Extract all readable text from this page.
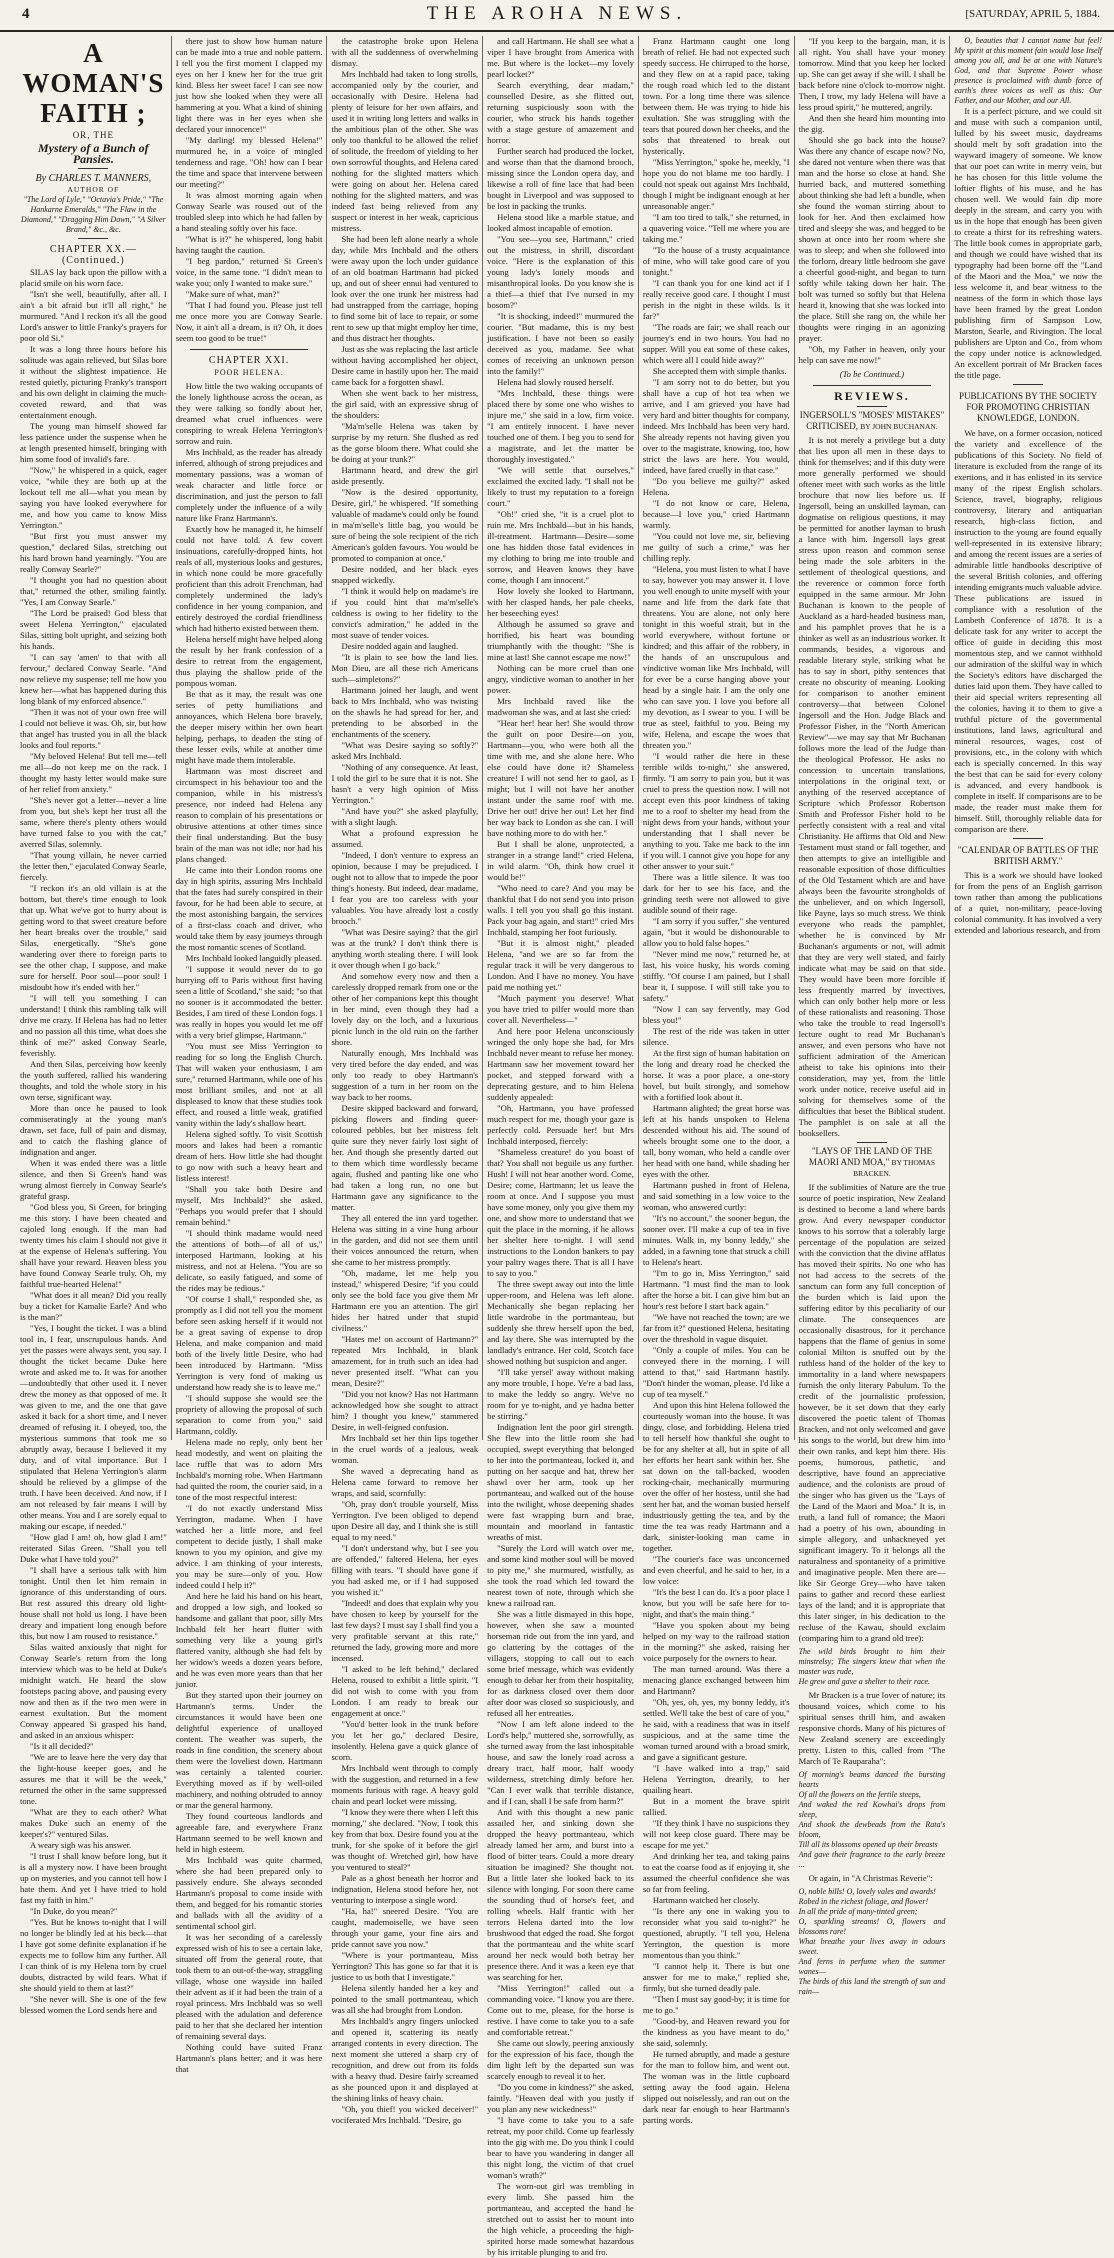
4	THE AROHA NEWS.	[SATURDAY, APRIL 5, 1884.
A WOMAN'S FAITH ;
OR, THE
Mystery of a Bunch of Pansies.
By CHARLES T. MANNERS,
AUTHOR OF
"The Lord of Lyle," "Octavia's Pride," "The Hankarne Emeralds," "The Flaw in the Diamond," "Dragging Him Down," "A Silver Brand," &c., &c.
CHAPTER XX.—(Continued.)

SILAS lay back upon the pillow with a placid smile on his worn face.

"Isn't she well, beautifully, after all. I ain't a bit afraid but it'll all right," he murmured. "And I reckon it's all the good Lord's answer to little Franky's prayers for poor old Si."

It was a long three hours before his solitude was again relieved, but Silas bore it without the slightest impatience. He rested quietly, picturing Franky's transport and his own delight in claiming the much-coveted reward, and that was entertainment enough.

The young man himself showed far less patience under the suspense when he at length presented himself, bringing with him some food of invalid's fare.

"Now," he whispered in a quick, eager voice, "while they are both up at the lockout tell me all—what you mean by saying you have looked everywhere for me, and how you came to know Miss Yerrington."

"But first you must answer my question," declared Silas, stretching out his hard brown hand yearningly. "You are really Conway Searle?"

"I thought you had no question about that," returned the other, smiling faintly. "Yes, I am Conway Searle."

"The Lord be praised! God bless that sweet Helena Yerrington," ejaculated Silas, sitting bolt upright, and seizing both his hands.

"I can say 'amen' to that with all fervour," declared Conway Searle. "And now relieve my suspense; tell me how you knew her—what has happened during this long blank of my enforced absence."

"Then it was not of your own free will I could not believe it was. Oh, sir, but how that angel has trusted you in all the black looks and foul reports."

"My beloved Helena! But tell me—tell me all—do not keep me on the rack. I thought my hasty letter would make sure of her relief from anxiety."

"She's never got a letter—never a line from you, but she's kept her trust all the same, where there's plenty others would have turned false to you with the cat," averred Silas, solemnly.

"That young villain, he never carried the letter then," ejaculated Conway Searle, fiercely.

"I reckon it's an old villain is at the bottom, but there's time enough to look that up. What we've got to hurry about is getting word to that sweet creature before her heart breaks over the trouble," said Silas, energetically. "She's gone wandering over there to foreign parts to see the other chap, I suppose, and make sure for herself. Poor soul—poor soul! I misdoubt how it's ended with her."

"I will tell you something I can understand! I think this rambling talk will drive me crazy. If Helena has had no letter and no passion all this time, what does she think of me?" asked Conway Searle, feverishly.

And then Silas, perceiving how keenly the youth suffered, rallied his wandering thoughts, and told the whole story in his own terse, significant way.

More than once he paused to look commiseratingly at the young man's drawn, set face, full of pain and dismay, and to catch the flashing glance of indignation and anger.

When it was ended there was a little silence, and then Si Green's hand was wrung almost fiercely in Conway Searle's grateful grasp.

"God bless you, Si Green, for bringing me this story. I have been cheated and cajoled long enough. If the man had twenty times his claim I should not give it at the expense of Helena's suffering. You shall have your reward. Heaven bless you have found Conway Searle truly. Oh, my faithful true-hearted Helena!"

"What does it all mean? Did you really buy a ticket for Kamalie Earle? And who is the man?"

"Yes, I bought the ticket. I was a blind tool in, I fear, unscrupulous hands. And yet the passes were always sent, you say. I thought the ticket became Duke here wrote and asked me to. It was for another—undoubtedly that other used it. I never drew the money as that opposed of me. It was given to me, and the one that gave asked it back for a short time, and I never dreamed of refusing it. I obeyed, too, the mysterious summons that took me so abruptly away, because I believed it my duty, and of vital importance. But I stipulated that Helena Yerrington's alarm should be relieved by a glimpse of the truth. I have been deceived. And now, if I am not released by fair means I will by other means. You and I are sorely equal to making our escape, if needed."

"How glad I am! oh, how glad I am!" reiterated Silas Green. "Shall you tell Duke what I have told you?"

"I shall have a serious talk with him tonight. Until then let him remain in ignorance of this understanding of ours. But rest assured this dreary old light-house shall not hold us long. I have been dreary and impatient long enough before this, but now I am roused to resistance."

Silas waited anxiously that night for Conway Searle's return from the long interview which was to be held at Duke's midnight watch. He heard the slow footsteps pacing above, and pausing every now and then as if the two men were in earnest exultation. But the moment Conway appeared Si grasped his hand, and asked in an anxious whisper:

"Is it all decided?"

"We are to leave here the very day that the light-house keeper goes, and he assures me that it will be the week," returned the other in the same suppressed tone.

"What are they to each other? What makes Duke such an enemy of the keeper's?" ventured Silas.

A weary sigh was his answer.

"I trust I shall know before long, but it is all a mystery now. I have been brought up on mysteries, and you cannot tell how I hate them. And yet I have tried to hold fast my faith in him."

"In Duke, do you mean?"

"Yes. But he knows to-night that I will no longer be blindly led at his beck—that I have got some definite explanation if he expects me to follow him any further. All I can think of is my Helena torn by cruel doubts, distracted by wild fears. What if she should yield to them at last?"

"She never will. She is one of the few blessed women the Lord sends here and

there just to show how human nature can be made into a true and noble pattern. I tell you the first moment I clapped my eyes on her I knew her for the true grit kind. Bless her sweet face! I can see now just how she looked when they were all hammering at you. What a kind of shining light there was in her eyes when she declared your innocence!"

"My darling! my blessed Helena!" murmured he, in a voice of mingled tenderness and rage. "Oh! how can I bear the time and space that intervene between our meeting?"

It was almost morning again when Conway Searle was roused out of the troubled sleep into which he had fallen by a hand stealing softly over his face.

"What is it?" he whispered, long habit having taught the caution.

"I beg pardon," returned Si Green's voice, in the same tone. "I didn't mean to wake you; only I wanted to make sure."

"Make sure of what, man?"

"That I had found you. Please just tell me once more you are Conway Searle. Now, it ain't all a dream, is it? Oh, it does seem too good to be true!"

CHAPTER XXI.
POOR HELENA.

How little the two waking occupants of the lonely lighthouse across the ocean, as they were talking so fondly about her, dreamed what cruel influences were conspiring to wreak Helena Yerrington's sorrow and ruin.

Mrs Inchbald, as the reader has already inferred, although of strong prejudices and momentary passions, was a woman of weak character and little force or discrimination, and just the person to fall completely under the influence of a wily nature like Franz Hartmann's.

Exactly how he managed it, he himself could not have told. A few covert insinuations, carefully-dropped hints, hot reals of all, mysterious looks and gestures, in which none could be more gracefully proficient than this adroit Frenchman, had completely undermined the lady's confidence in her young companion, and entirely destroyed the cordial friendliness which had hitherto existed between them.

Helena herself might have helped along the result by her frank confession of a desire to retreat from the engagement, thus playing the shallow pride of the pompous woman.

Be that as it may, the result was one series of petty humiliations and annoyances, which Helena bore bravely, the deeper misery within her own heart helping, perhaps, to deaden the sting of these lesser evils, while at another time might have made them intolerable.

Hartmann was most discreet and circumspect in his behaviour too and the companion, while in his mistress's presence, nor indeed had Helena any reason to complain of his presentations or obtrusive attentions at other times since their final understanding. But the busy brain of the man was not idle; nor had his plans changed.

He came into their London rooms one day in high spirits, assuring Mrs Inchbald that the fates had surely conspired in their favour, for he had been able to secure, at the most astonishing bargain, the services of a first-class coach and driver, who would take them by easy journeys through the most romantic scenes of Scotland.

Mrs Inchbald looked languidly pleased.

"I suppose it would never do to go hurrying off to Paris without first having seen a little of Scotland," she said; "so that no sooner is it accommodated the better. Besides, I am tired of these London fogs. I was really in hopes you would let me off with a very brief glimpse, Hartmann."

"You must see Miss Yerrington to reading for so long the English Church. That will waken your enthusiasm, I am sure," returned Hartmann, while one of his most brilliant smiles, and not at all displeased to know that these studies took effect, and roused a little weak, gratified vanity within the lady's shallow heart.

Helena sighed softly. To visit Scottish moors and lakes had been a romantic dream of hers. How little she had thought to go now with such a heavy heart and listless interest!

"Shall you take both Desire and myself, Mrs Inchbald?" she asked. "Perhaps you would prefer that I should remain behind."

"I should think madame would need the attentions of both—of all of us," interposed Hartmann, looking at his mistress, and not at Helena. "You are so delicate, so easily fatigued, and some of the rides may be tedious."

"Of course I shall," responded she, as promptly as I did not tell you the moment before seen asking herself if it would not be a great saving of expense to drop Helena, and make companion and maid both of the lively little Desire, who had been introduced by Hartmann. "Miss Yerrington is very fond of making us understand how ready she is to leave me."

"I should suppose she would see the propriety of allowing the proposal of such separation to come from you," said Hartmann, coldly.

Helena made no reply, only bent her head modestly, and went on plaiting the lace ruffle that was to adorn Mrs Inchbald's morning robe. When Hartmann had quitted the room, the courier said, in a tone of the most respectful interest:

"I do not exactly understand Miss Yerrington, madame. When I have watched her a little more, and feel competent to decide justly, I shall make known to you my opinion, and give my advice. I am thinking of your interests, you may be sure—only of you. How indeed could I help it?"

And here he laid his hand on his heart, and dropped a low sigh, and looked so handsome and gallant that poor, silly Mrs Inchbald felt her heart flutter with something very like a young girl's flattered vanity, although she had felt by her widow's weeds a dozen years before, and he was even more years than that her junior.

But they started upon their journey on Hartmann's terms. Under the circumstances it would have been one delightful experience of unalloyed content. The weather was superb, the roads in fine condition, the scenery about them were the loveliest down. Hartmann was certainly a talented courier. Everything moved as if by well-oiled machinery, and nothing obtruded to annoy or mar the general harmony.

They found courteous landlords and agreeable fare, and everywhere Franz Hartmann seemed to be well known and held in high esteem.

Mrs Inchbald was quite charmed, where she had been prepared only to passively endure. She always seconded Hartmann's proposal to come inside with them, and begged for his romantic stories and ballads with all the avidity of a sentimental school girl.

It was her seconding of a carelessly expressed wish of his to see a certain lake, situated off from the general route, that took them to an out-of-the-way, straggling village, whose one wayside inn hailed their advent as if it had been the train of a royal princess. Mrs Inchbald was so well pleased with the adulation and deference paid to her that she declared her intention of remaining several days.

Nothing could have suited Franz Hartmann's plans better; and it was here that

the catastrophe broke upon Helena with all the suddenness of overwhelming dismay.

Mrs Inchbald had taken to long strolls, accompanied only by the courier, and occasionally with Desire. Helena had plenty of leisure for her own affairs, and used it in writing long letters and walks in the ambitious plan of the other. She was only too thankful to be allowed the relief of solitude, the freedom of yielding to her own sorrowful thoughts, and Helena cared nothing for the slighted matters which were going on about her. Helena cared nothing for the slighted matters, and was indeed fast being relieved from any suspect or interest in her weak, capricious mistress.

She had been left alone nearly a whole day, while Mrs Inchbald and the others were away upon the loch under guidance of an old boatman Hartmann had picked up, and out of sheer ennui had ventured to look over the one trunk her mistress had had unstrapped from the carriage, hoping to find some bit of lace to repair, or some rent to sew up that might employ her time, and thus distract her thoughts.

Just as she was replacing the last article without having accomplished her object, Desire came in hastily upon her. The maid came back for a forgotten shawl.

When she went back to her mistress, the girl said, with an expressive shrug of the shoulders:

"Ma'm'selle Helena was taken by surprise by my return. She flushed as red as the gorse bloom there. What could she be doing at your trunk?"

Hartmann heard, and drew the girl aside presently.

"Now is the desired opportunity, Desire, girl," he whispered. "If something valuable of madame's could only be found in ma'm'selle's little bag, you would be sure of being the sole recipient of the rich American's golden favours. You would be promoted to companion at once."

Desire nodded, and her black eyes snapped wickedly.

"I think it would help on madame's ire if you could hint that ma'm'selle's coldness is owing to her fidelity to the convict's admiration," he added in the most suave of tender voices.

Desire nodded again and laughed.

"It is plain to see how the land lies. Mon Dieu, are all these rich Americans such—simpletons?"

Hartmann joined her laugh, and went back to Mrs Inchbald, who was twisting on the shawls he had spread for her, and pretending to be absorbed in the enchantments of the scenery.

"What was Desire saying so softly?" asked Mrs Inchbald.

"Nothing of any consequence. At least, I told the girl to be sure that it is not. She hasn't a very high opinion of Miss Yerrington."

"And have you?" she asked playfully, with a slight laugh.

What a profound expression he assumed.

"Indeed, I don't venture to express an opinion, because I may be prejudiced. I ought not to allow that to impede the poor thing's honesty. But indeed, dear madame, I fear you are too careless with your valuables. You have already lost a costly brooch."

"What was Desire saying? that the girl was at the trunk? I don't think there is anything worth stealing there. I will look it over though when I go back."

And somehow every now and then a carelessly dropped remark from one or the other of her companions kept this thought in her mind, even though they had a lovely day on the loch, and a luxurious picnic lunch in the old ruin on the farther shore.

Naturally enough, Mrs Inchbald was very tired before the day ended, and was only too ready to obey Hartmann's suggestion of a turn in her room on the way back to her rooms.

Desire skipped backward and forward, picking flowers and finding queer-coloured pebbles, but her mistress felt quite sure they never fairly lost sight of her. And though she presently darted out to them which time wordlessly became again, flushed and panting like one who had taken a long run, no one but Hartmann gave any significance to the matter.

They all entered the inn yard together. Helena was sitting in a vine hung arbour in the garden, and did not see them until their voices announced the return, when she came to her mistress promptly.

"Oh, madame, let me help you instead," whispered Desire; "if you could only see the bold face you give them Mr Hartmann ere you an attention. The girl hides her hatred under that stupid civilness."

"Hates me! on account of Hartmann?" repeated Mrs Inchbald, in blank amazement, for in truth such an idea had never presented itself. "What can you mean, Desire?"

"Did you not know? Has not Hartmann acknowledged how she sought to attract him? I thought you knew," stammered Desire, in well-feigned confusion.

Mrs Inchbald set her thin lips together in the cruel words of a jealous, weak woman.

She waved a deprecating hand as Helena came forward to remove her wraps, and said, scornfully:

"Oh, pray don't trouble yourself, Miss Yerrington. I've been obliged to depend upon Desire all day, and I think she is still equal to my need."

"I don't understand why, but I see you are offended," faltered Helena, her eyes filling with tears. "I should have gone if you had asked me, or if I had supposed you wished it."

"Indeed! and does that explain why you have chosen to keep by yourself for the last few days? I must say I shall find you a very profitable servant at this rate," returned the lady, growing more and more incensed.

"I asked to be left behind," declared Helena, roused to exhibit a little spirit. "I did not wish to come with you from London. I am ready to break our engagement at once."

"You'd better look in the trunk before you let her go," declared Desire, insolently. Helena gave a quick glance of scorn.

Mrs Inchbald went through to comply with the suggestion, and returned in a few moments furious with rage. A heavy gold chain and pearl locket were missing.

"I know they were there when I left this morning," she declared. "Now, I took this key from that box. Desire found you at the trunk, for she spoke of it before the girl was thought of. Wretched girl, how have you ventured to steal?"

Pale as a ghost beneath her horror and indignation, Helena stood before her, not venturing to interpose a single word.

"Ha, ha!" sneered Desire. "You are caught, mademoiselle, we have seen through your game, your fine airs and pride cannot save you now."

"Where is your portmanteau, Miss Yerrington? This has gone so far that it is justice to us both that I investigate."

Helena silently handed her a key and pointed to the small portmanteau, which was all she had brought from London.

Mrs Inchbald's angry fingers unlocked and opened it, scattering its neatly arranged contents in every direction. The next moment she uttered a sharp cry of recognition, and drew out from its folds with a heavy thud. Desire fairly screamed as she pounced upon it and displayed at the shining links of heavy chain.

"Oh, you thief! you wicked deceiver!" vociferated Mrs Inchbald. "Desire, go

and call Hartmann. He shall see what a viper I have brought from America with me. But where is the locket—my lovely pearl locket?"

Search everything, dear madam," counselled Desire, as she flitted out, returning suspiciously soon with the courier, who struck his hands together with a stage gesture of amazement and horror.

Further search had produced the locket, and worse than that the diamond brooch, missing since the London opera day, and likewise a roll of fine lace that had been bought in Liverpool and was supposed to be lost in packing the trunks.

Helena stood like a marble statue, and looked almost incapable of emotion.

"You see—you see, Hartmann," cried out the mistress, in shrill, discordant voice. "Here is the explanation of this young lady's lonely moods and misanthropical looks. Do you know she is a thief—a thief that I've nursed in my bosom?"

"It is shocking, indeed!" murmured the courier. "But madame, this is my best justification. I have not been so easily deceived as you, madame. See what comes of receiving an unknown person into the family!"

Helena had slowly roused herself.

"Mrs Inchbald, these things were placed there by some one who wishes to injure me," she said in a low, firm voice. "I am entirely innocent. I have never touched one of them. I beg you to send for a magistrate, and let the matter be thoroughly investigated."

"We will settle that ourselves," exclaimed the excited lady. "I shall not be likely to trust my reputation to a foreign court."

"Oh!" cried she, "it is a cruel plot to ruin me. Mrs Inchbald—but in his hands, ill-treatment. Hartmann—Desire—some one has hidden those fatal evidences in my clothing to bring me into trouble and sorrow, and Heaven knows they have come, though I am innocent."

How lovely she looked to Hartmann, with her clasped hands, her pale cheeks, her beseeching eyes!

Although he assumed so grave and horrified, his heart was bounding triumphantly with the thought: "She is mine at last! She cannot escape me now!"

Nothing can be more cruel than one angry, vindictive woman to another in her power.

Mrs Inchbald raved like the madwoman she was, and at last she cried:

"Hear her! hear her! She would throw the guilt on poor Desire—on you, Hartmann—you, who were both all the time with me, and she alone here. Who else could have done it? Shameless creature! I will not send her to gaol, as I might; but I will not have her another instant under the same roof with me. Drive her out! drive her out! Let her find her way back to London as she can. I will have nothing more to do with her."

But I shall be alone, unprotected, a stranger in a strange land!" cried Helena, in wild alarm. "Oh, think how cruel it would be!"

"Who need to care? And you may be thankful that I do not send you into prison walls. I tell you you shall go this instant. Pack your bag again, and start!" cried Mrs Inchbald, stamping her foot furiously.

"But it is almost night," pleaded Helena, "and we are so far from the regular track it will be very dangerous to London. And I have no money. You have paid me nothing yet."

"Much payment you deserve! What you have tried to pilfer would more than cover all. Nevertheless—"

And here poor Helena unconsciously wringed the only hope she had, for Mrs Inchbald never meant to refuse her money. Hartmann saw her movement toward her pocket, and stepped forward with a deprecating gesture, and to him Helena suddenly appealed:

"Oh, Hartmann, you have professed much respect for me, though your gaze is perfectly cold. Persuade her! but Mrs Inchbald interposed, fiercely:

"Shameless creature! do you boast of that? You shall not beguile us any further. Hush! I will not hear another word. Come, Desire; come, Hartmann; let us leave the room at once. And I suppose you must have some money, only you give them my one, and show more to understand that we quit the place in the morning, if he allows her shelter here to-night. I will send instructions to the London bankers to pay your paltry wages there. That is all I have to say to you."

The three swept away out into the little upper-room, and Helena was left alone. Mechanically she began replacing her little wardrobe in the portmanteau, but suddenly she threw herself upon the bed, and lay there. She was interrupted by the landlady's entrance. Her cold, Scotch face showed nothing but suspicion and anger.

"I'll take yersel' away without making any more trouble, I hope. Ye're a bad lass, to make the leddy so angry. We've no room for ye to-night, and ye hadna better be stirring."

Indignation lent the poor girl strength. She flew into the little room she had occupied, swept everything that belonged to her into the portmanteau, locked it, and putting on her sacque and hat, threw her shawl over her arm, took up her portmanteau, and walked out of the house into the twilight, whose deepening shades were fast wrapping burn and brae, mountain and moorland in fantastic wreaths of mist.

"Surely the Lord will watch over me, and some kind mother soul will be moved to pity me," she murmured, wistfully, as she took the road which led toward the nearest town of note, through which she knew a railroad ran.

She was a little dismayed in this hope, however, when she saw a mounted horseman ride out from the inn yard, and go clattering by the cottages of the villagers, stopping to call out to each some brief message, which was evidently enough to debar her from their hospitality, for as darkness closed over them door after door was closed so suspiciously, and refused all her entreaties.

"Now I am left alone indeed to the Lord's help," muttered she, sorrowfully, as she turned away from the last inhospitable house, and saw the lonely road across a dreary tract, half moor, half woody wilderness, stretching dimly before her. "Can I ever walk that terrible distance, and if I can, shall I be safe from harm?"

And with this thought a new panic assailed her, and sinking down she dropped the heavy portmanteau, which already lamed her arm, and burst into a flood of bitter tears. Could a more dreary situation be imagined? She thought not. But a little later she looked back to its silence with longing. For soon there came the sounding thud of horse's feet, and rolling wheels. Half frantic with her terrors Helena darted into the low brushwood that edged the road. She forgot that the portmanteau and the white scarf around her neck would both betray her presence there. And it was a keen eye that was searching for her.

"Miss Yerrington!" called out a commanding voice. "I know you are there. Come out to me, please, for the horse is restive. I have come to take you to a safe and comfortable retreat."

She came out slowly, peering anxiously for the expression of his face, though the dim light left by the departed sun was scarcely enough to reveal it to her.

"Do you come in kindness?" she asked, faintly. "Heaven deal with you justly if you plan any new wickedness!"

"I have come to take you to a safe retreat, my poor child. Come up fearlessly into the gig with me. Do you think I could bear to have you wandering in danger all this night long, the victim of that cruel woman's wrath?"

The worn-out girl was trembling in every limb. She passed him the portmanteau, and accepted the hand he stretched out to assist her to mount into the high vehicle, a proceeding the high-spirited horse made somewhat hazardous by his irritable plunging to and fro.

Franz Hartmann caught one long breath of relief. He had not expected such speedy success. He chirruped to the horse, and they flew on at a rapid pace, taking the rough road which led to the distant town. For a long time there was silence between them. He was trying to hide his exultation. She was struggling with the tears that poured down her cheeks, and the sobs that threatened to break out hysterically.

"Miss Yerrington," spoke he, meekly, "I hope you do not blame me too hardly. I could not speak out against Mrs Inchbald, though I might be indignant enough at her unreasonable anger."

"I am too tired to talk," she returned, in a quavering voice. "Tell me where you are taking me."

"To the house of a trusty acquaintance of mine, who will take good care of you tonight."

"I can thank you for one kind act if I really receive good care. I thought I must perish in the night in these wilds. Is it far?"

"The roads are fair; we shall reach our journey's end in two hours. You had no supper. Will you eat some of these cakes, which were all I could hide away?"

She accepted them with simple thanks.

"I am sorry not to do better, but you shall have a cup of hot tea when we arrive, and I am grieved you have had very hard and bitter thoughts for company, indeed. Mrs Inchbald has been very hard. She already repents not having given you over to the magistrate, knowing, too, how strict the laws are here. You would, indeed, have fared cruelly in that case."

"Do you believe me guilty?" asked Helena.

"I do not know or care, Helena, because—I love you," cried Hartmann warmly.

"You could not love me, sir, believing me guilty of such a crime," was her chilling reply.

"Helena, you must listen to what I have to say, however you may answer it. I love you well enough to unite myself with your name and life from the dark fate that threatens. You are alone, not only here tonight in this woeful strait, but in the world everywhere, without fortune or kindred; and this affair of the robbery, in the hands of an unscrupulous and vindictive woman like Mrs Inchbald, will for ever be a curse hanging above your head by a single hair. I am the only one who can save you. I love you before all my devotion, as I swear to you. I will be true as steel, faithful to you. Being my wife, Helena, and escape the woes that threaten you."

"I would rather die here in these terrible wilds to-night," she answered, firmly. "I am sorry to pain you, but it was cruel to press the question now. I will not accept even this poor kindness of taking me to a roof to shelter my head from the night dews from your hands, without your understanding that I shall never be anything to you. Take me back to the inn if you will. I cannot give you hope for any other answer to your suit."

There was a little silence. It was too dark for her to see his face, and the grinding teeth were not allowed to give audible sound of their rage.

"I am sorry if you suffer," she ventured again, "but it would be dishonourable to allow you to hold false hopes."

"Never mind me now," returned he, at last, his voice husky, his words coming stiffly. "Of course I am pained, but I shall bear it, I suppose. I will still take you to safety."

"Now I can say fervently, may God bless you!"

The rest of the ride was taken in utter silence.

At the first sign of human habitation on the long and dreary road he checked the horse. It was a poor place, a one-story hovel, but built strongly, and somehow with a fortified look about it.

Hartmann alighted; the great horse was left at his hands unspoken to Helena descended without his aid. The sound of wheels brought some one to the door, a tall, bony woman, who held a candle over her head with one hand, while shading her eyes with the other.

Hartmann pushed in front of Helena, and said something in a low voice to the woman, who answered curtly:

"It's no account," the sooner begun, the sooner over. I'll make a cup of tea in five minutes. Walk in, my bonny leddy," she added, in a fawning tone that struck a chill to Helena's heart.

"I'm to go in, Miss Yerrington," said Hartmann. "I must find the man to look after the horse a bit. I can give him but an hour's rest before I start back again."

"We have not reached the town; are we far from it?" questioned Helena, hesitating over the threshold in vague disquiet.

"Only a couple of miles. You can be conveyed there in the morning. I will attend to that," said Hartmann hastily. "Don't hinder the woman, please. I'd like a cup of tea myself."

And upon this hint Helena followed the courteously woman into the house. It was dingy, close, and forbidding. Helena tried to tell herself how thankful she ought to be for any shelter at all, but in spite of all her efforts her heart sank within her. She sat down on the tall-backed, wooden rocking-chair, mechanically murmuring over the offer of her hostess, until she had sent her hat, and the woman busied herself industriously getting the tea, and by the time the tea was ready Hartmann and a dark, sinister-looking man came in together.

"The courier's face was unconcerned and even cheerful, and he said to her, in a low voice:

"It's the best I can do. It's a poor place I know, but you will be safe here for to-night, and that's the main thing."

"Have you spoken about my being helped on my way to the railroad station in the morning?" she asked, raising her voice purposely for the owners to hear.

The man turned around. Was there a menacing glance exchanged between him and Hartmann?

"Oh, yes, oh, yes, my bonny leddy, it's settled. We'll take the best of care of you," he said, with a readiness that was in itself suspicious, and at the same time the woman turned around with a broad smirk, and gave a significant gesture.

"I have walked into a trap," said Helena Yerrington, drearily, to her quailing heart.

But in a moment the brave spirit rallied.

"If they think I have no suspicions they will not keep close guard. There may be escape for me yet."

And drinking her tea, and taking pains to eat the coarse food as if enjoying it, she assumed the cheerful confidence she was so far from feeling.

Hartmann watched her closely.

"Is there any one in waking you to reconsider what you said to-night?" he questioned, abruptly. "I tell you, Helena Yerrington, the question is more momentous than you think."

"I cannot help it. There is but one answer for me to make," replied she, firmly, but she turned deadly pale.

"Then I must say good-by; it is time for me to go."

"Good-by, and Heaven reward you for the kindness as you have meant to do," she said, solemnly.

He turned abruptly, and made a gesture for the man to follow him, and went out. The woman was in the little cupboard setting away the food again. Helena slipped out noiselessly, and ran out on the dark near far enough to hear Hartmann's parting words.

"If you keep to the bargain, man, it is all right. You shall have your money tomorrow. Mind that you keep her locked up. She can get away if she will. I shall be back before nine o'clock to-morrow night. Then, I trow, my lady Helena will have a less proud spirit," he muttered, angrily.

And then she heard him mounting into the gig.

Should she go back into the house? Was there any chance of escape now? No, she dared not venture when there was that man and the horse so close at hand. She hurried back, and muttered something about thinking she had left a bundle, when she found the woman stirring about to look for her. And then exclaimed how tired and sleepy she was, and begged to be shown at once into her room where she was to sleep; and when she followed into the forlorn, dreary little bedroom she gave a cheerful good-night, and began to turn softly while taking down her hair. The bolt was turned so softly but that Helena heard it, knowing that she was locked into the place. Still she rang on, the while her thoughts were ringing in an agonizing prayer.

"Oh, my Father in heaven, only your help can save me now!"

(To be Continued.)
REVIEWS.
INGERSOLL'S "MOSES' MISTAKES" CRITICISED, BY JOHN BUCHANAN.

It is not merely a privilege but a duty that lies upon all men in these days to think for themselves; and if this duty were more generally performed we should oftener meet with such works as the little brochure that now lies before us. If Ingersoll, being an unskilled layman, can dogmatise on religious questions, it may be permitted for another layman to brush a lance with him. Ingersoll lays great stress upon reason and common sense being made the sole arbiters in the settlement of theological questions, and the reverence or common force forth equipped in the same armour. Mr John Buchanan is known to the people of Auckland as a hard-headed business man, and his pamphlet proves that he is a thinker as well as an industrious worker. It commands, besides, a vigorous and readable literary style, striking what he has to say in short, pithy sentences that create no obscurity of meaning. Looking for comparison to another eminent controversy—that between Colonel Ingersoll and the Hon. Judge Black and Professor Fisher, in the "North American Review"—we may say that Mr Buchanan follows more the lead of the Judge than the theological Professor. He asks no concession to uncertain translations, interpolations in the original text, or anything of the reserved acceptance of Scripture which Professor Robertson Smith and Professor Fisher hold to be perfectly consistent with a real and vital Christianity. He affirms that Old and New Testament must stand or fall together, and then attempts to give an intelligible and reasonable exposition of those difficulties of the Old Testament which are and have always been the favourite strongholds of the unbeliever, and on which Ingersoll, like Payne, lays so much stress. We think everyone who reads the pamphlet, whether he is convinced by Mr Buchanan's arguments or not, will admit that they are very well stated, and fairly indicate what may be said on that side. They would have been more forcible if less frequently marred by invectives, which can only bother help more or less of these rationalists and reasoning. Those who take the trouble to read Ingersoll's lecture ought to read Mr Buchanan's answer, and even persons who have not sufficient admiration of the American atheist to take his opinions into their consideration, may yet, from the little work under notice, receive useful aid in solving for themselves some of the difficulties that beset the Biblical student. The pamphlet is on sale at all the booksellers.

"LAYS OF THE LAND OF THE MAORI AND MOA," BY THOMAS BRACKEN.

If the sublimities of Nature are the true source of poetic inspiration, New Zealand is destined to become a land where bards grow. And every newspaper conductor knows to his sorrow that a tolerably large percentage of the population are seized with the conviction that the divine afflatus has moved their spirits. No one who has not had access to the secrets of the sanctum can form any full conception of the burden which is laid upon the suffering editor by this peculiarity of our climate. The consequences are occasionally disastrous, for it perchance happens that the flame of genius in some colonial Milton is snuffed out by the ruthless hand of the holder of the key to immortality in a land where newspapers furnish the only literary Pabulum. To the credit of the journalistic profession, however, be it set down that they early discovered the poetic talent of Thomas Bracken, and not only welcomed and gave his songs to the world, but drew him into their own ranks, and kept him there. His poems, humorous, pathetic, and descriptive, have found an appreciative audience, and the colonists are proud of the singer who has given us the "Lays of the Land of the Maori and Moa." It is, in truth, a land full of romance; the Maori had a poetry of his own, abounding in simple allegory, and unhackneyed yet significant imagery. To it belongs all the naturalness and spontaneity of a primitive and imaginative people. Men there are—like Sir George Grey—who have taken pains to gather and record these earliest lays of the land; and it is appropriate that this later singer, in his dedication to the recluse of the Kawau, should exclaim (comparing him to a grand old tree):

The wild birds brought to him their minstrelsy; The singers knew that when the master was rude,
He grew and gave a shelter to their race.

Mr Bracken is a true lover of nature; its thousand voices, which come to his spiritual senses thrill him, and awaken responsive chords. Many of his pictures of New Zealand scenery are exceedingly pretty. Listen to this, called from "The March of Te Rauparaha":

Of morning's beams danced the bursting hearts
Of all the flowers on the fertile steeps,
And waked the red Kowhai's drops from sleep,
And shook the dewbeads from the Rata's bloom,
Till all its blossoms opened up their breasts
And gave their fragrance to the early breeze ...

Or again, in "A Christmas Reverie":

O, noble hills! O, lovely vales and awards!
Robed in the richest foliage, and flower!
In all the pride of many-tinted green;
O, sparkling streams! O, flowers and blossoms rare!
What breathe your lives away in odours sweet.
And ferns in perfume when the summer wanes—
The birds of this land the strength of sun and rain—

O, beauties that I cannot name but feel! My spirit at this moment fain would lose Itself among you all, and be at one with Nature's God, and that Supreme Power whose presence is proclaimed with dumb force of earth's three voices as well as this: Our Father, and our Mother, and our All.

It is a perfect picture, and we could sit and muse with such a companion until, lulled by his sweet music, daydreams should melt by soft gradation into the wayward imagery of someone. We know that our poet can write in merry vein, but he has chosen for this little volume the loftier flights of his muse, and he has chosen well. We would fain dip more deeply in the stream, and carry you with us in the hope that enough has been given to create a thirst for its refreshing waters. The little book comes in appropriate garb, and though we could have wished that its typography had been borne off the "Land of the Maori and the Moa," we now the less welcome it, and bear witness to the neatness of the form in which those lays have been framed by the great London publishing firm of Sampson Low, Marston, Searle, and Rivington. The local publishers are Upton and Co., from whom the copy under notice is acknowledged. An excellent portrait of Mr Bracken faces the title page.

PUBLICATIONS BY THE SOCIETY FOR PROMOTING CHRISTIAN KNOWLEDGE, LONDON.

We have, on a former occasion, noticed the variety and excellence of the publications of this Society. No field of literature is excluded from the range of its exertions, and it has enlisted in its service many of the ripest English scholars. Science, travel, biography, religious controversy, literary and antiquarian research, high-class fiction, and instruction to the young are found equally well-represented in its extensive library; and among the recent issues are a series of admirable little handbooks descriptive of the several British colonies, and offering intending emigrants much valuable advice. These publications are issued in compliance with a resolution of the Lambeth Conference of 1878. It is a delicate task for any writer to accept the office of guide in deciding this most momentous step, and we cannot withhold our admiration of the skilful way in which the Society's editors have discharged the duties laid upon them. They have called to their aid special writers representing all the colonies, having it to them to give a truthful picture of the governmental institutions, land laws, agricultural and mineral resources, wages, cost of provisions, etc., in the colony with which each is specially concerned. In this way the best that can be said for every colony is advanced, and every handbook is complete in itself. If comparisons are to be made, the reader must make them for himself. Still, thoroughly reliable data for comparison are there.

"CALENDAR OF BATTLES OF THE BRITISH ARMY."

This is a work we should have looked for from the pens of an English garrison town rather than among the publications of a quiet, non-military, peace-loving colonial community. It has involved a very extended and laborious research, and from
